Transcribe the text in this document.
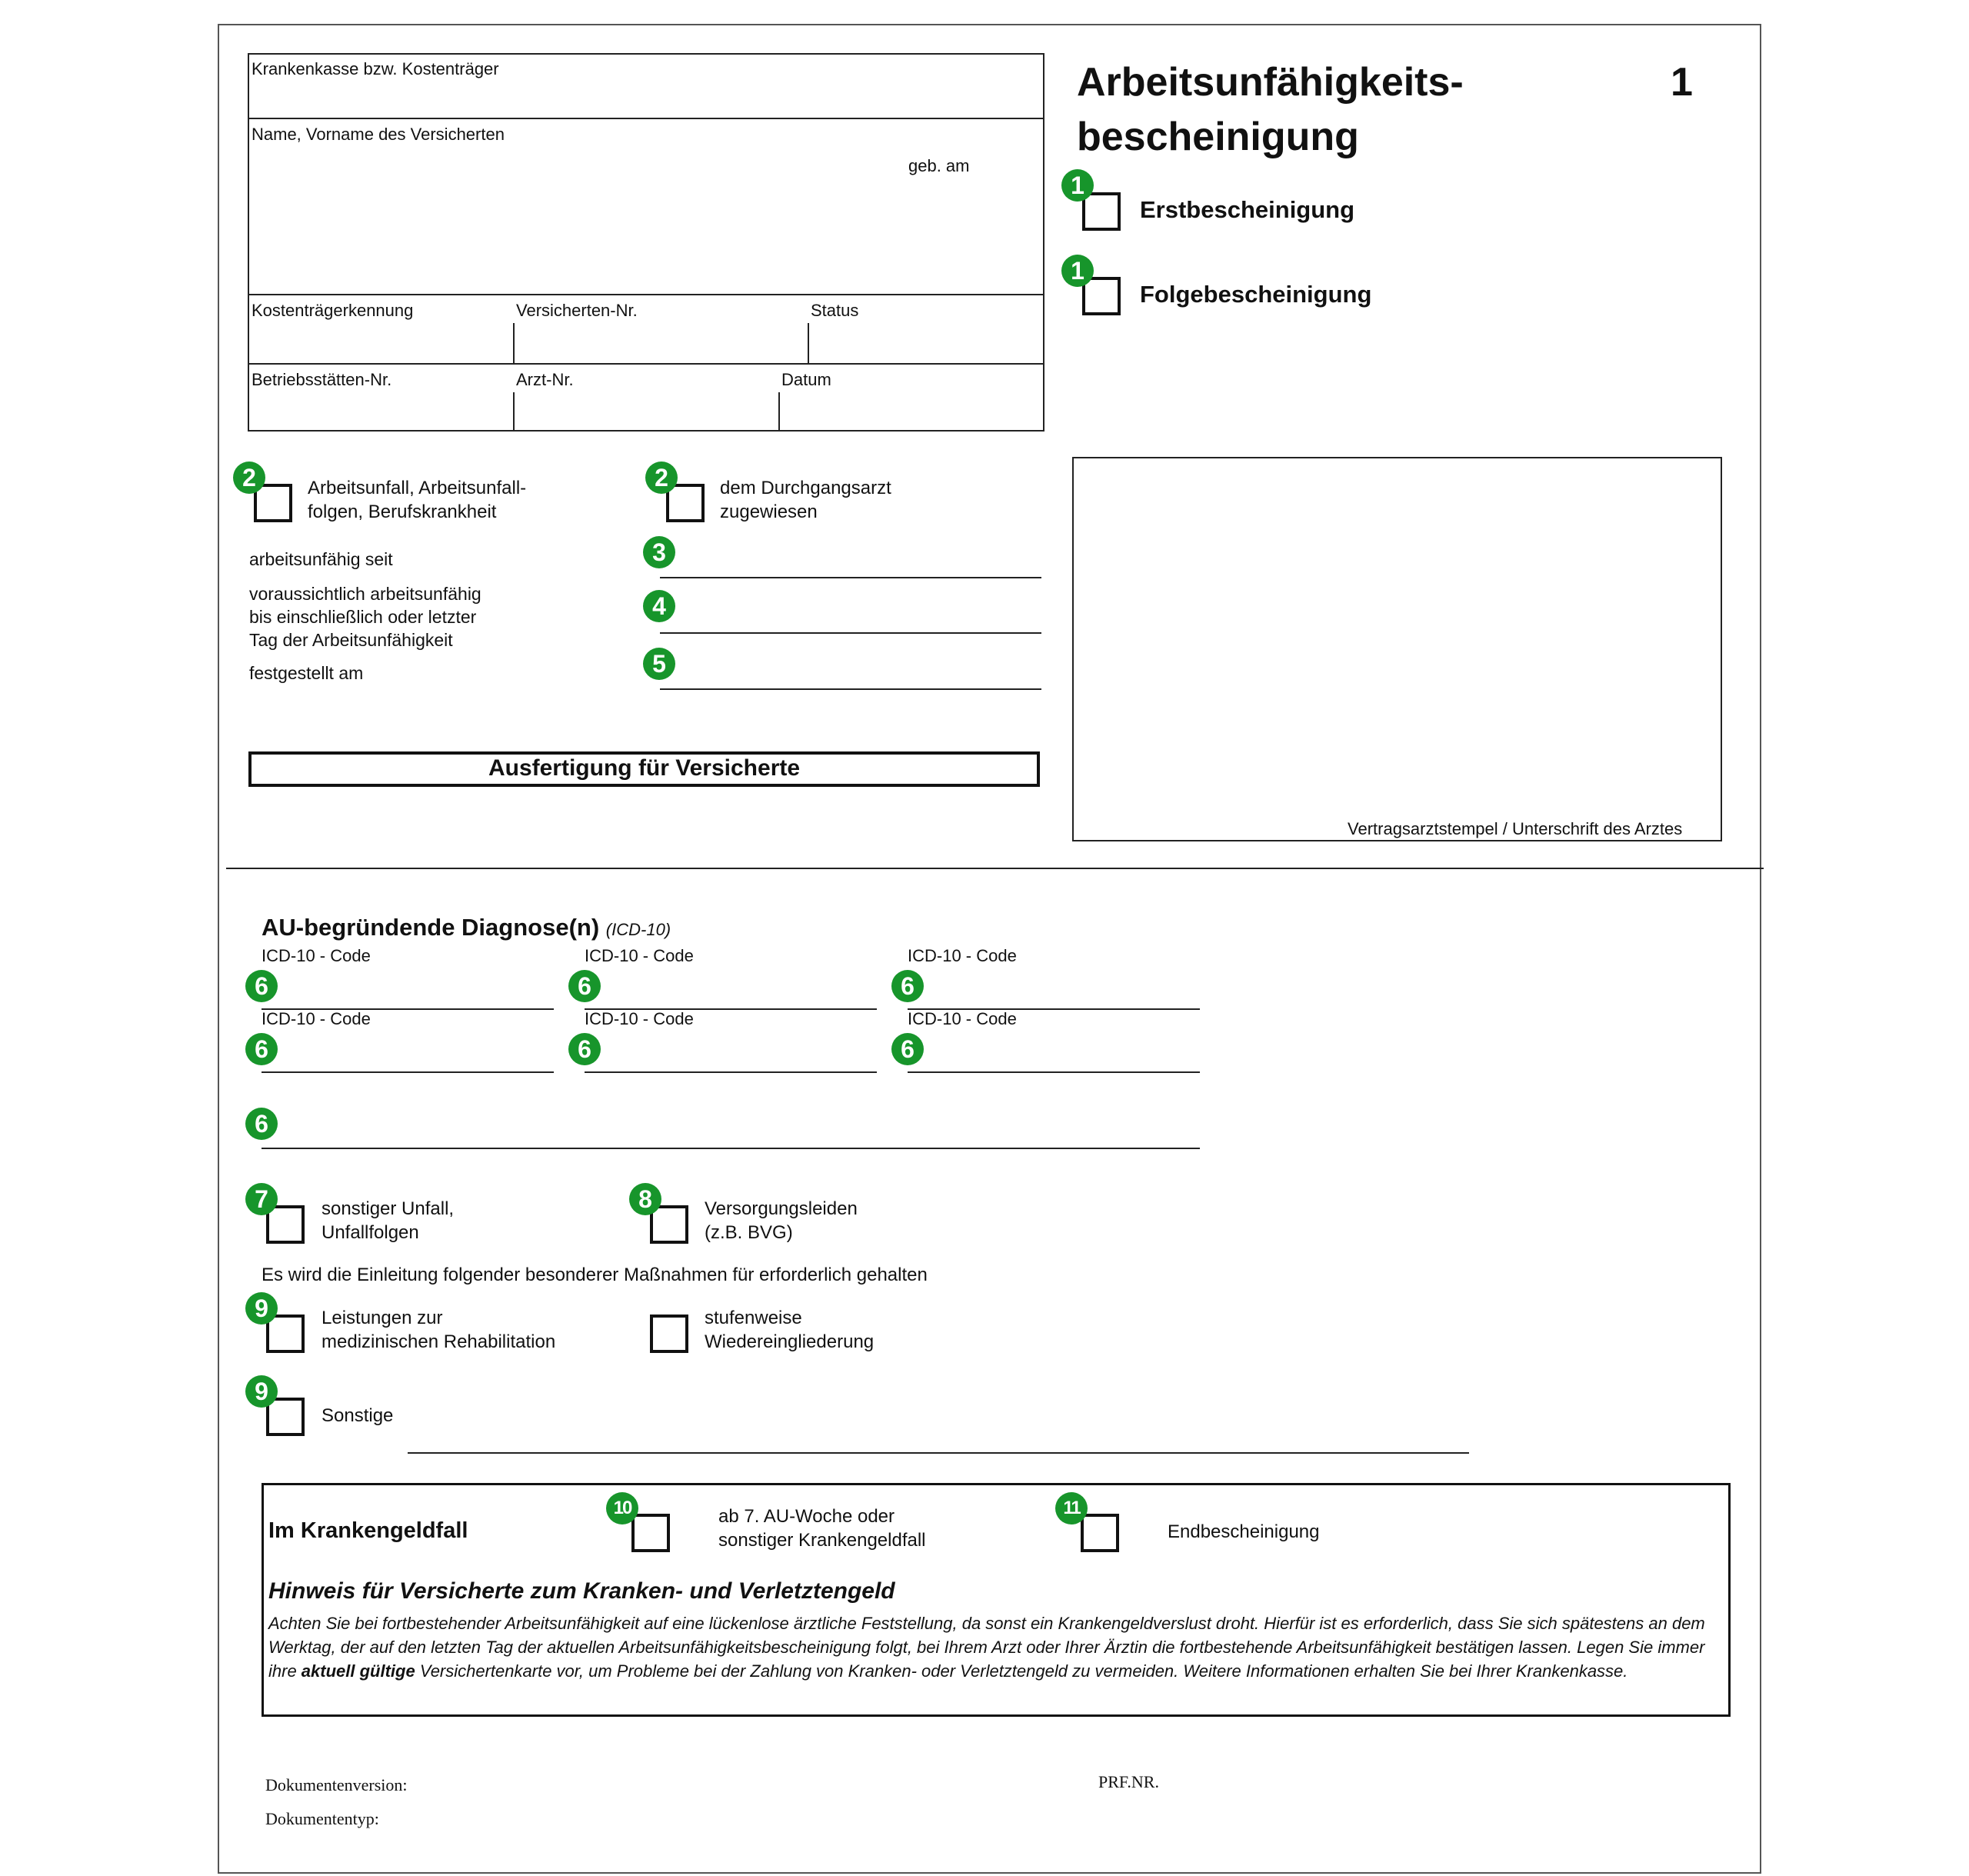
Krankenkasse bzw. Kostenträger
Name, Vorname des Versicherten
geb. am
Kostenträgerkennung	Versicherten-Nr.	Status
Betriebsstätten-Nr.	Arzt-Nr.	Datum
Arbeitsunfähigkeits-
bescheinigung
1
1
Erstbescheinigung
1
Folgebescheinigung
2	Arbeitsunfall, Arbeitsunfall-
folgen, Berufskrankheit
2	dem Durchgangsarzt
zugewiesen
arbeitsunfähig seit	3
voraussichtlich arbeitsunfähig
bis einschließlich oder letzter
Tag der Arbeitsunfähigkeit
4
festgestellt am	5
Ausfertigung für Versicherte
Vertragsarztstempel / Unterschrift des Arztes
AU-begründende Diagnose(n) (ICD-10)
ICD-10 - Code	ICD-10 - Code	ICD-10 - Code
6	6	6
ICD-10 - Code	ICD-10 - Code	ICD-10 - Code
6	6	6
6
7	sonstiger Unfall,
Unfallfolgen
8	Versorgungsleiden
(z.B. BVG)
Es wird die Einleitung folgender besonderer Maßnahmen für erforderlich gehalten
9	Leistungen zur
medizinischen Rehabilitation
stufenweise
Wiedereingliederung
9
Sonstige
Im Krankengeldfall
10	ab 7. AU-Woche oder
sonstiger Krankengeldfall
11
Endbescheinigung
Hinweis für Versicherte zum Kranken- und Verletztengeld
Achten Sie bei fortbestehender Arbeitsunfähigkeit auf eine lückenlose ärztliche Feststellung, da sonst ein Krankengeldverslust droht. Hierfür ist es erforderlich, dass Sie sich spätestens an dem Werktag, der auf den letzten Tag der aktuellen Arbeitsunfähigkeitsbescheinigung folgt, bei Ihrem Arzt oder Ihrer Ärztin die fortbestehende Arbeitsunfähigkeit bestätigen lassen. Legen Sie immer ihre aktuell gültige Versichertenkarte vor, um Probleme bei der Zahlung von Kranken- oder Verletztengeld zu vermeiden. Weitere Informationen erhalten Sie bei Ihrer Krankenkasse.
Dokumentenversion:
Dokumententyp:
PRF.NR.
